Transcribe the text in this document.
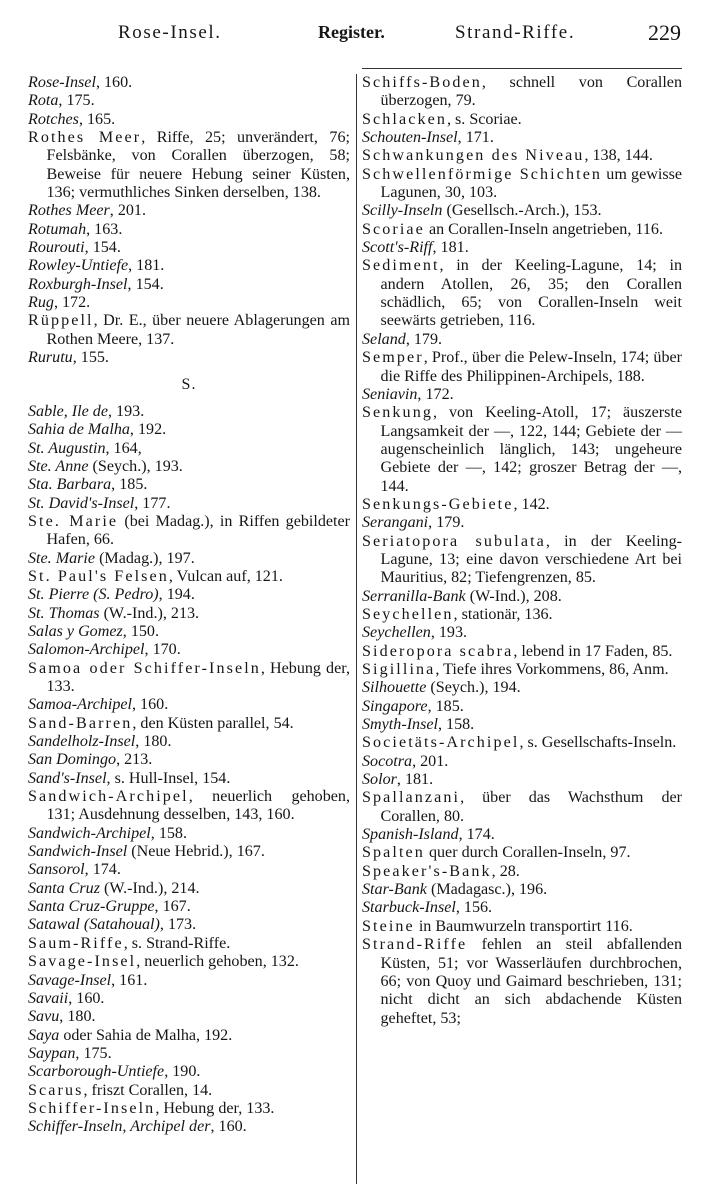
Rose-Insel.	Register.	Strand-Riffe.	229

Rose-Insel, 160.

Rota, 175.

Rotches, 165.

Rothes Meer, Riffe, 25; unverändert, 76; Felsbänke, von Corallen überzogen, 58; Beweise für neuere Hebung seiner Küsten, 136; vermuthliches Sinken derselben, 138.

Rothes Meer, 201.

Rotumah, 163.

Rourouti, 154.

Rowley-Untiefe, 181.

Roxburgh-Insel, 154.

Rug, 172.

Rüppell, Dr. E., über neuere Ablagerungen am Rothen Meere, 137.

Rurutu, 155.

S.

Sable, Ile de, 193.

Sahia de Malha, 192.

St. Augustin, 164,

Ste. Anne (Seych.), 193.

Sta. Barbara, 185.

St. David's-Insel, 177.

Ste. Marie (bei Madag.), in Riffen gebildeter Hafen, 66.

Ste. Marie (Madag.), 197.

St. Paul's Felsen, Vulcan auf, 121.

St. Pierre (S. Pedro), 194.

St. Thomas (W.-Ind.), 213.

Salas y Gomez, 150.

Salomon-Archipel, 170.

Samoa oder Schiffer-Inseln, Hebung der, 133.

Samoa-Archipel, 160.

Sand-Barren, den Küsten parallel, 54.

Sandelholz-Insel, 180.

San Domingo, 213.

Sand's-Insel, s. Hull-Insel, 154.

Sandwich-Archipel, neuerlich gehoben, 131; Ausdehnung desselben, 143, 160.

Sandwich-Archipel, 158.

Sandwich-Insel (Neue Hebrid.), 167.

Sansorol, 174.

Santa Cruz (W.-Ind.), 214.

Santa Cruz-Gruppe, 167.

Satawal (Satahoual), 173.

Saum-Riffe, s. Strand-Riffe.

Savage-Insel, neuerlich gehoben, 132.

Savage-Insel, 161.

Savaii, 160.

Savu, 180.

Saya oder Sahia de Malha, 192.

Saypan, 175.

Scarborough-Untiefe, 190.

Scarus, friszt Corallen, 14.

Schiffer-Inseln, Hebung der, 133.

Schiffer-Inseln, Archipel der, 160.

Schiffs-Boden, schnell von Corallen überzogen, 79.

Schlacken, s. Scoriae.

Schouten-Insel, 171.

Schwankungen des Niveau, 138, 144.

Schwellenförmige Schichten um gewisse Lagunen, 30, 103.

Scilly-Inseln (Gesellsch.-Arch.), 153.

Scoriae an Corallen-Inseln angetrieben, 116.

Scott's-Riff, 181.

Sediment, in der Keeling-Lagune, 14; in andern Atollen, 26, 35; den Corallen schädlich, 65; von Corallen-Inseln weit seewärts getrieben, 116.

Seland, 179.

Semper, Prof., über die Pelew-Inseln, 174; über die Riffe des Philippinen-Archipels, 188.

Seniavin, 172.

Senkung, von Keeling-Atoll, 17; äuszerste Langsamkeit der —, 122, 144; Gebiete der — augenscheinlich länglich, 143; ungeheure Gebiete der —, 142; groszer Betrag der —, 144.

Senkungs-Gebiete, 142.

Serangani, 179.

Seriatopora subulata, in der Keeling-Lagune, 13; eine davon verschiedene Art bei Mauritius, 82; Tiefengrenzen, 85.

Serranilla-Bank (W-Ind.), 208.

Seychellen, stationär, 136.

Seychellen, 193.

Sideropora scabra, lebend in 17 Faden, 85.

Sigillina, Tiefe ihres Vorkommens, 86, Anm.

Silhouette (Seych.), 194.

Singapore, 185.

Smyth-Insel, 158.

Societäts-Archipel, s. Gesellschafts-Inseln.

Socotra, 201.

Solor, 181.

Spallanzani, über das Wachsthum der Corallen, 80.

Spanish-Island, 174.

Spalten quer durch Corallen-Inseln, 97.

Speaker's-Bank, 28.

Star-Bank (Madagasc.), 196.

Starbuck-Insel, 156.

Steine in Baumwurzeln transportirt 116.

Strand-Riffe fehlen an steil abfallenden Küsten, 51; vor Wasserläufen durchbrochen, 66; von Quoy und Gaimard beschrieben, 131; nicht dicht an sich abdachende Küsten geheftet, 53;
